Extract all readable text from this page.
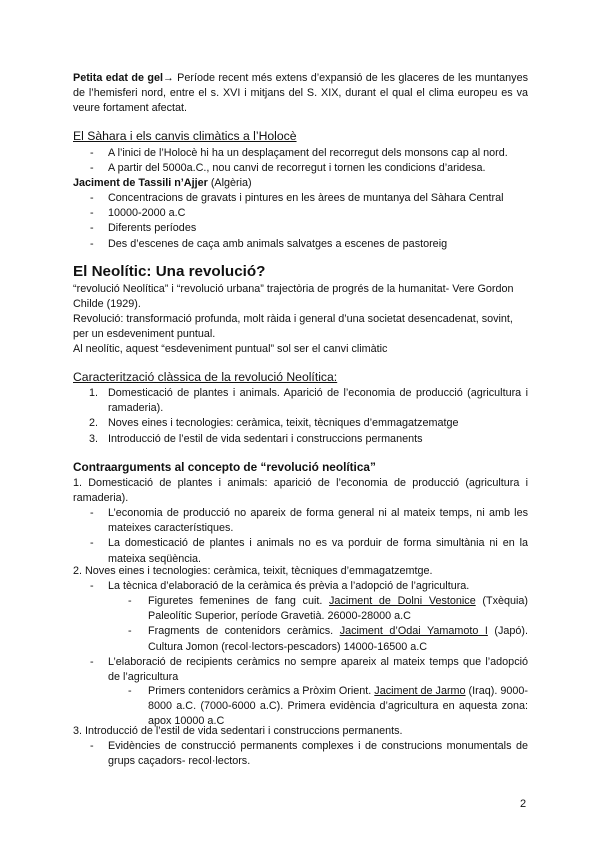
Petita edat de gel→ Període recent més extens d’expansió de les glaceres de les muntanyes de l’hemisferi nord, entre el s. XVI i mitjans del S. XIX, durant el qual el clima europeu es va veure fortament afectat.
El Sàhara i els canvis climàtics a l’Holocè
- A l’inici de l’Holocè hi ha un desplaçament del recorregut dels monsons cap al nord.
- A partir del 5000a.C., nou canvi de recorregut i tornen les condicions d’aridesa.
Jaciment de Tassili n’Ajjer (Algèria)
- Concentracions de gravats i pintures en les àrees de muntanya del Sàhara Central
- 10000-2000 a.C
- Diferents períodes
- Des d’escenes de caça amb animals salvatges a escenes de pastoreig
El Neolític: Una revolució?
“revolució Neolítica” i “revolució urbana” trajectòria de progrés de la humanitat- Vere Gordon Childe (1929).
Revolució: transformació profunda, molt ràida i general d’una societat desencadenat, sovint, per un esdeveniment puntual.
Al neolític, aquest “esdeveniment puntual” sol ser el canvi climàtic
Caracterització clàssica de la revolució Neolítica:
1. Domesticació de plantes i animals. Aparició de l’economia de producció (agricultura i ramaderia).
2. Noves eines i tecnologies: ceràmica, teixit, tècniques d’emmagatzematge
3. Introducció de l’estil de vida sedentari i construccions permanents
Contraarguments al concepto de “revolució neolítica”
1. Domesticació de plantes i animals: aparició de l’economia de producció (agricultura i ramaderia).
- L’economia de producció no apareix de forma general ni al mateix temps, ni amb les mateixes característiques.
- La domesticació de plantes i animals no es va porduir de forma simultània ni en la mateixa seqüència.
2. Noves eines i tecnologies: ceràmica, teixit, tècniques d’emmagatzemtge.
- La tècnica d’elaboració de la ceràmica és prèvia a l’adopció de l’agricultura.
- Figuretes femenines de fang cuit. Jaciment de Dolni Vestonice (Txèquia) Paleolític Superior, període Gravetià. 26000-28000 a.C
- Fragments de contenidors ceràmics. Jaciment d’Odai Yamamoto I (Japó). Cultura Jomon (recol·lectors-pescadors) 14000-16500 a.C
- L’elaboració de recipients ceràmics no sempre apareix al mateix temps que l’adopció de l’agricultura
- Primers contenidors ceràmics a Pròxim Orient. Jaciment de Jarmo (Iraq). 9000-8000 a.C. (7000-6000 a.C). Primera evidència d’agricultura en aquesta zona: apox 10000 a.C
3. Introducció de l’estil de vida sedentari i construccions permanents.
- Evidències de construcció permanents complexes i de construcions monumentals de grups caçadors- recol·lectors.
2
